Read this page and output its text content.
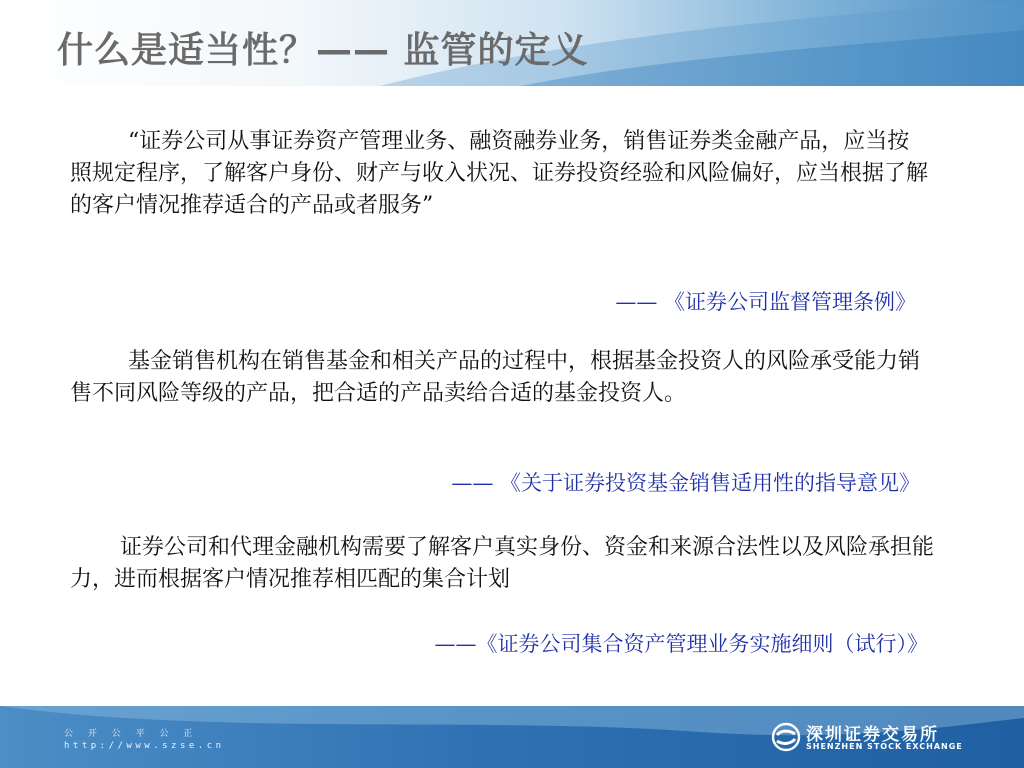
什么是适当性？—— 监管的定义
“证券公司从事证券资产管理业务、融资融券业务，销售证券类金融产品，应当按照规定程序，了解客户身份、财产与收入状况、证券投资经验和风险偏好，应当根据了解的客户情况推荐适合的产品或者服务”
—— 《证券公司监督管理条例》
基金销售机构在销售基金和相关产品的过程中，根据基金投资人的风险承受能力销售不同风险等级的产品，把合适的产品卖给合适的基金投资人。
—— 《关于证券投资基金销售适用性的指导意见》
证券公司和代理金融机构需要了解客户真实身份、资金和来源合法性以及风险承担能力，进而根据客户情况推荐相匹配的集合计划
——《证券公司集合资产管理业务实施细则（试行）》
公 开 公 平 公 正
http://www.szse.cn
深圳证券交易所
SHENZHEN STOCK EXCHANGE
